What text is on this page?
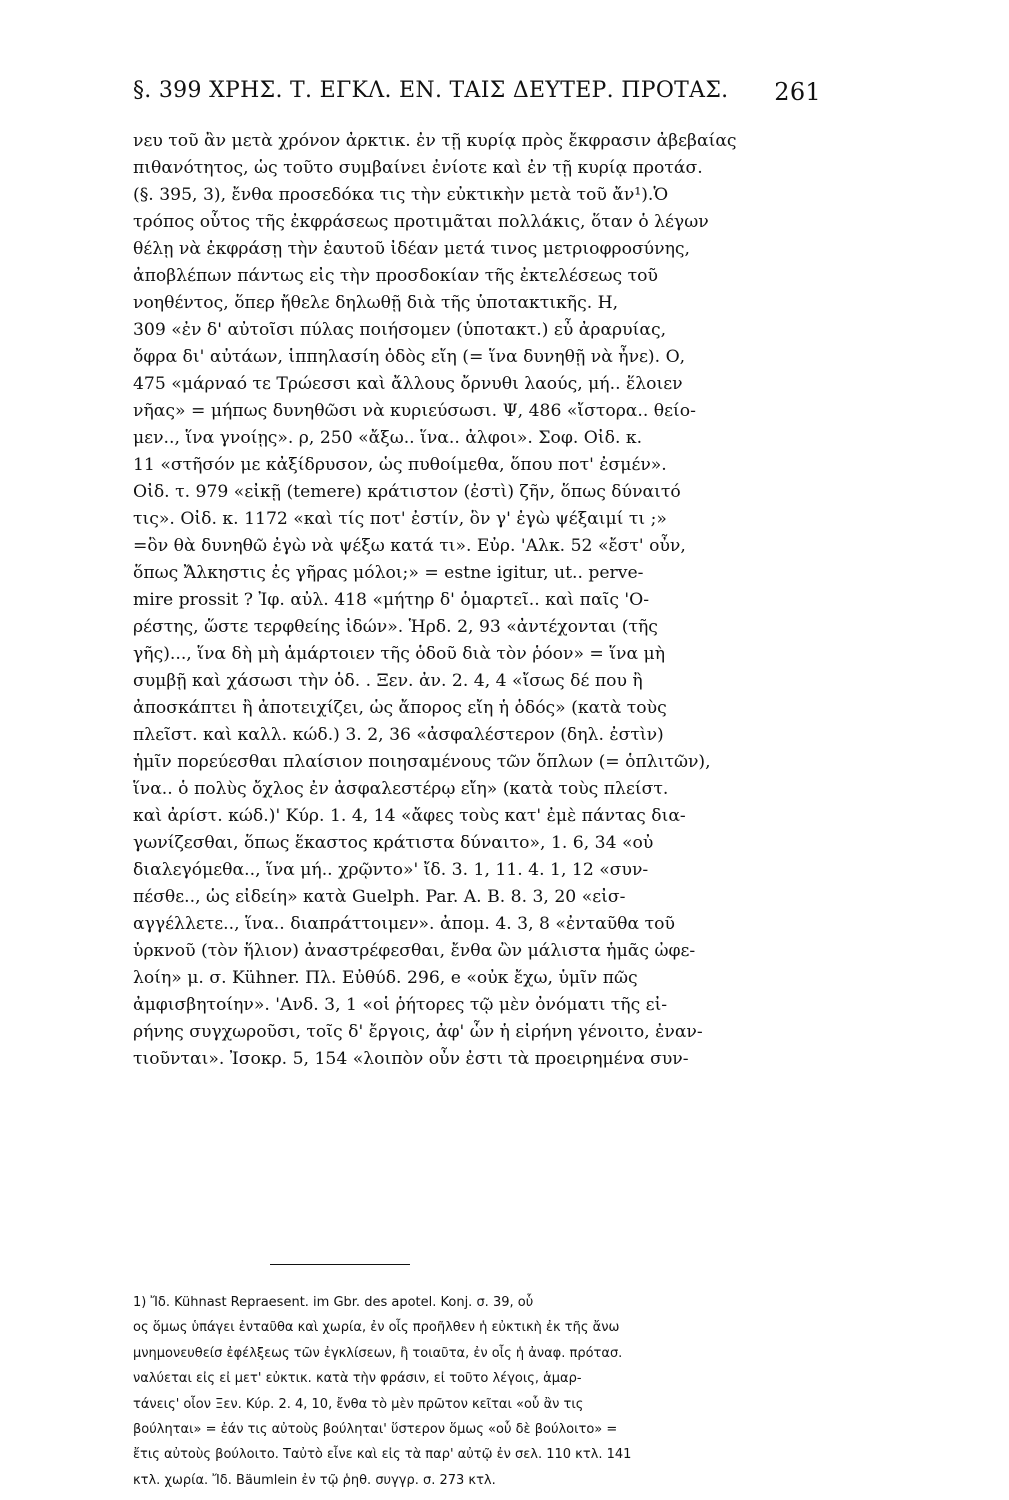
§. 399 ΧΡΗΣ. Τ. ΕΓΚΛ. ΕΝ. ΤΑΙΣ ΔΕΥΤΕΡ. ΠΡΟΤΑΣ. 261
νευ τοῦ ἂν μετὰ χρόνον ἀρκτικ. ἐν τῇ κυρίᾳ πρὸς ἔκφρασιν ἀβεβαίας
πιθανότητος, ὡς τοῦτο συμβαίνει ἐνίοτε καὶ ἐν τῇ κυρίᾳ προτάσ.
(§. 395, 3), ἔνθα προσεδόκα τις τὴν εὐκτικὴν μετὰ τοῦ ἄν¹).Ὁ
τρόπος οὗτος τῆς ἐκφράσεως προτιμᾶται πολλάκις, ὅταν ὁ λέγων
θέλῃ νὰ ἐκφράσῃ τὴν ἑαυτοῦ ἰδέαν μετά τινος μετριοφροσύνης,
ἀποβλέπων πάντως εἰς τὴν προσδοκίαν τῆς ἐκτελέσεως τοῦ
νοηθέντος, ὅπερ ἤθελε δηλωθῇ διὰ τῆς ὑποτακτικῆς. Η,
309 «ἐν δ' αὐτοῖσι πύλας ποιήσομεν (ὑποτακτ.) εὖ ἀραρυίας,
ὄφρα δι' αὐτάων, ἱππηλασίη ὁδὸς εἴη (= ἵνα δυνηθῇ νὰ ἦνε). Ο,
475 «μάρναό τε Τρώεσσι καὶ ἄλλους ὄρνυθι λαούς, μή.. ἕλοιεν
νῆας» = μήπως δυνηθῶσι νὰ κυριεύσωσι. Ψ, 486 «ἴστορα.. θείο-
μεν.., ἵνα γνοίῃς». ρ, 250 «ἄξω.. ἵνα.. ἀλφοι». Σοφ. Οἰδ. κ.
11 «στῆσόν με κἀξίδρυσον, ὡς πυθοίμεθα, ὅπου ποτ' ἐσμέν».
Οἰδ. τ. 979 «εἰκῇ (temere) κράτιστον (ἐστὶ) ζῆν, ὅπως δύναιτό
τις». Οἰδ. κ. 1172 «καὶ τίς ποτ' ἐστίν, ὃν γ' ἐγὼ ψέξαιμί τι ;»
=ὃν θὰ δυνηθῶ ἐγὼ νὰ ψέξω κατά τι». Εὐρ. 'Αλκ. 52 «ἔστ' οὖν,
ὅπως Ἄλκηστις ἐς γῆρας μόλοι;» = estne igitur, ut.. perve-
mire prossit ? Ἰφ. αὐλ. 418 «μήτηρ δ' ὁμαρτεῖ.. καὶ παῖς 'Ο-
ρέστης, ὥστε τερφθείης ἰδών». Ἡρδ. 2, 93 «ἀντέχονται (τῆς
γῆς)..., ἵνα δὴ μὴ ἁμάρτοιεν τῆς ὁδοῦ διὰ τὸν ῥόον» = ἵνα μὴ
συμβῇ καὶ χάσωσι τὴν ὁδ. . Ξεν. ἀν. 2. 4, 4 «ἴσως δέ που ἢ
ἀποσκάπτει ἢ ἀποτειχίζει, ὡς ἄπορος εἴη ἡ ὁδός» (κατὰ τοὺς
πλεῖστ. καὶ καλλ. κώδ.) 3. 2, 36 «ἀσφαλέστερον (δηλ. ἐστὶν)
ἡμῖν πορεύεσθαι πλαίσιον ποιησαμένους τῶν ὅπλων (= ὁπλιτῶν),
ἵνα.. ὁ πολὺς ὄχλος ἐν ἀσφαλεστέρῳ εἴη» (κατὰ τοὺς πλείστ.
καὶ ἀρίστ. κώδ.)' Κύρ. 1. 4, 14 «ἄφες τοὺς κατ' ἐμὲ πάντας δια-
γωνίζεσθαι, ὅπως ἕκαστος κράτιστα δύναιτο», 1. 6, 34 «οὐ
διαλεγόμεθα.., ἵνα μή.. χρῷντο»' ἴδ. 3. 1, 11. 4. 1, 12 «συν-
πέσθε.., ὡς εἰδείη» κατὰ Guelph. Par. A. B. 8. 3, 20 «εἰσ-
αγγέλλετε.., ἵνα.. διαπράττοιμεν». ἀπομ. 4. 3, 8 «ἐνταῦθα τοῦ
ὑρκνοῦ (τὸν ἥλιον) ἀναστρέφεσθαι, ἔνθα ὢν μάλιστα ἡμᾶς ὠφε-
λοίη» μ. σ. Kühner. Πλ. Εὐθύδ. 296, e «οὐκ ἔχω, ὑμῖν πῶς
ἀμφισβητοίην». 'Ανδ. 3, 1 «οἱ ῥήτορες τῷ μὲν ὀνόματι τῆς εἰ-
ρήνης συγχωροῦσι, τοῖς δ' ἔργοις, ἀφ' ὧν ἡ εἰρήνη γένοιτο, ἐναν-
τιοῦνται». Ἰσοκρ. 5, 154 «λοιπὸν οὖν ἐστι τὰ προειρημένα συν-
1) Ἴδ. Kühnast Repraesent. im Gbr. des apotel. Konj. σ. 39, οὗ
ος ὅμως ὑπάγει ἐνταῦθα καὶ χωρία, ἐν οἷς προῆλθεν ἡ εὐκτικὴ ἐκ τῆς ἄνω
μνημονευθείσ ἐφέλξεως τῶν ἐγκλίσεων, ἢ τοιαῦτα, ἐν οἷς ἡ ἀναφ. πρότασ.
ναλύεται εἰς εἰ μετ' εὐκτικ. κατὰ τὴν φράσιν, εἰ τοῦτο λέγοις, ἁμαρ-
τάνεις' οἷον Ξεν. Κύρ. 2. 4, 10, ἔνθα τὸ μὲν πρῶτον κεῖται «οὗ ἂν τις
βούληται» = ἐάν τις αὐτοὺς βούληται' ὕστερον ὅμως «οὗ δὲ βούλοιτο» =
ἔτις αὐτοὺς βούλοιτο. Ταὐτὸ εἶνε καὶ εἰς τὰ παρ' αὐτῷ ἐν σελ. 110 κτλ. 141
κτλ. χωρία. Ἴδ. Bäumlein ἐν τῷ ῥηθ. συγγρ. σ. 273 κτλ.
